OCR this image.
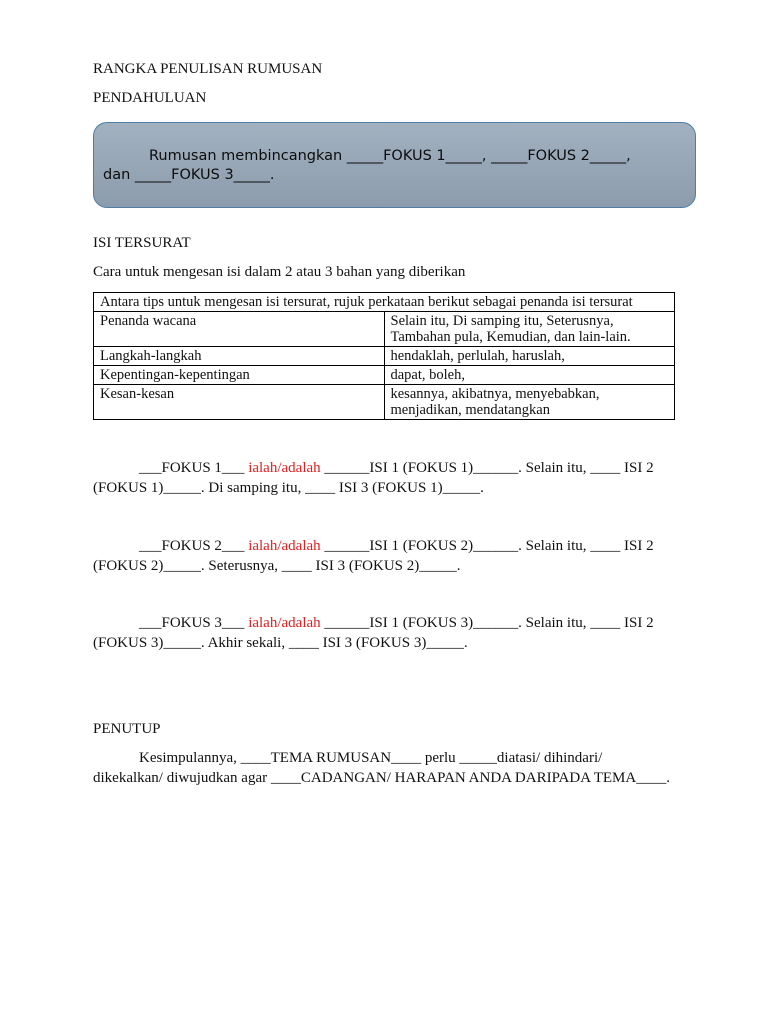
RANGKA PENULISAN RUMUSAN
PENDAHULUAN
Rumusan membincangkan _____FOKUS 1_____, _____FOKUS 2_____,
dan _____FOKUS 3_____.
ISI TERSURAT
Cara untuk mengesan isi dalam 2 atau 3 bahan yang diberikan
Antara tips untuk mengesan isi tersurat, rujuk perkataan berikut sebagai penanda isi tersurat	
Penanda wacana	Selain itu, Di samping itu, Seterusnya, Tambahan pula, Kemudian, dan lain-lain.
Langkah-langkah	hendaklah, perlulah, haruslah,
Kepentingan-kepentingan	dapat, boleh,
Kesan-kesan	kesannya, akibatnya, menyebabkan, menjadikan, mendatangkan
___FOKUS 1___ ialah/adalah ______ISI 1 (FOKUS 1)______. Selain itu, ____ ISI 2 (FOKUS 1)_____. Di samping itu, ____ ISI 3 (FOKUS 1)_____.
___FOKUS 2___ ialah/adalah ______ISI 1 (FOKUS 2)______. Selain itu, ____ ISI 2 (FOKUS 2)_____. Seterusnya, ____ ISI 3 (FOKUS 2)_____.
___FOKUS 3___ ialah/adalah ______ISI 1 (FOKUS 3)______. Selain itu, ____ ISI 2 (FOKUS 3)_____. Akhir sekali, ____ ISI 3 (FOKUS 3)_____.
PENUTUP
Kesimpulannya, ____TEMA RUMUSAN____ perlu _____diatasi/ dihindari/ dikekalkan/ diwujudkan agar ____CADANGAN/ HARAPAN ANDA DARIPADA TEMA____.
